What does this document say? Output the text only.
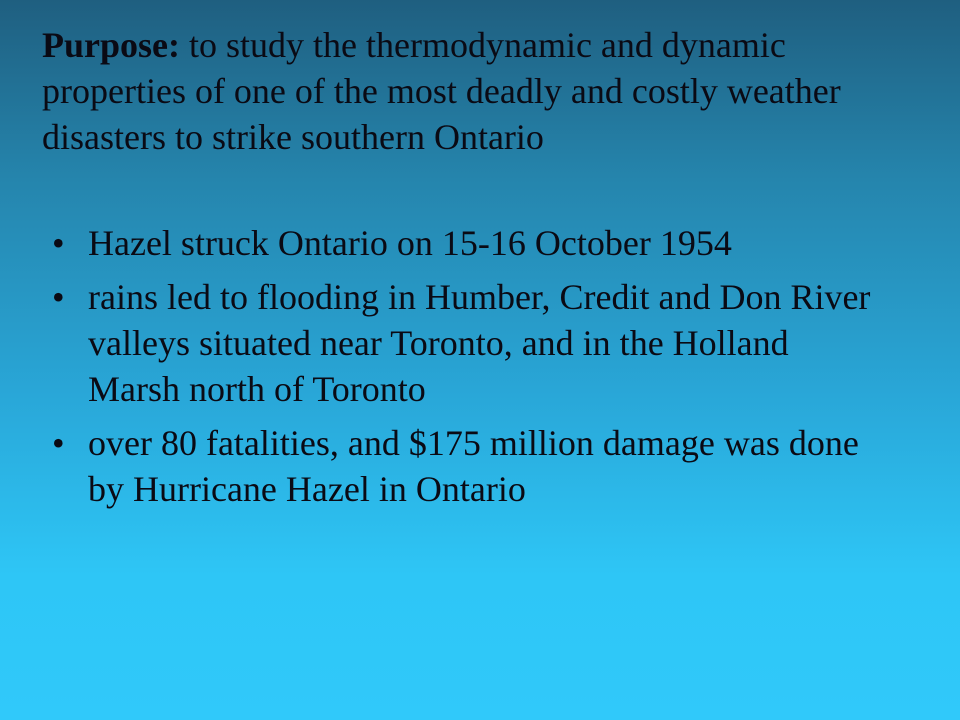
Purpose: to study the thermodynamic and dynamic properties of one of the most deadly and costly weather disasters to strike southern Ontario

• Hazel struck Ontario on 15-16 October 1954
• rains led to flooding in Humber, Credit and Don River valleys situated near Toronto, and in the Holland Marsh north of Toronto
• over 80 fatalities, and $175 million damage was done by Hurricane Hazel in Ontario
